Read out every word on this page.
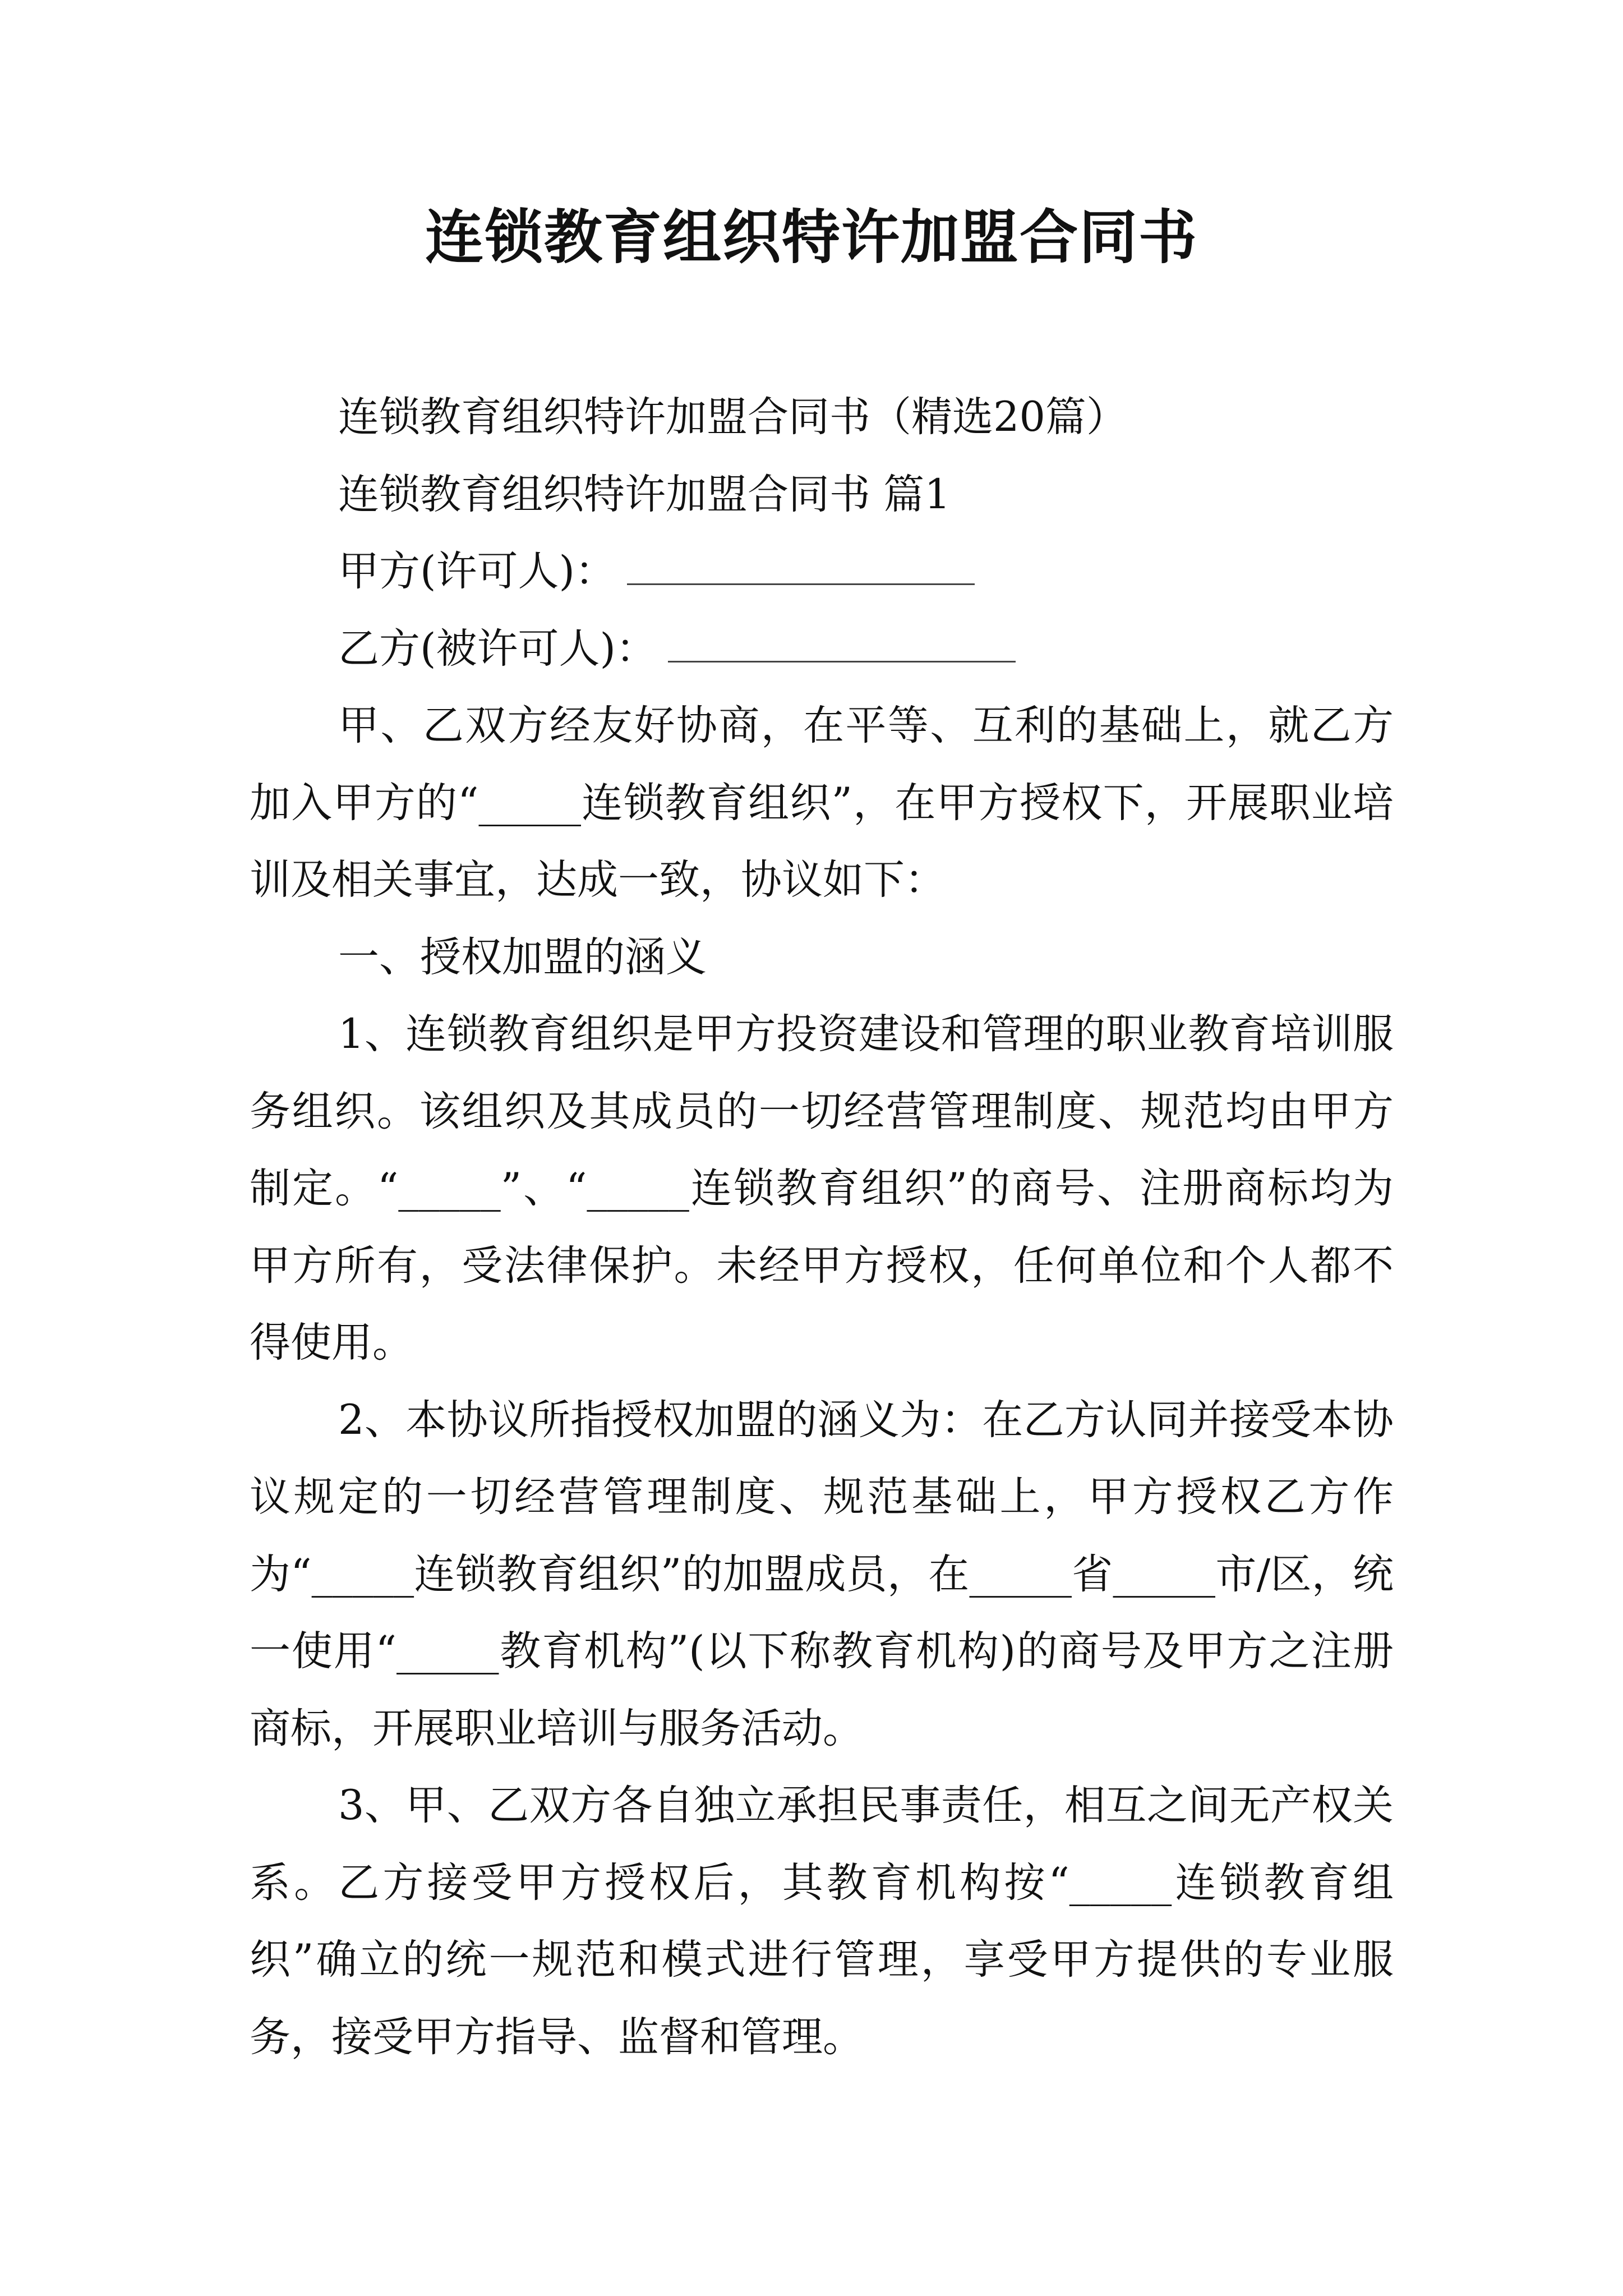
连锁教育组织特许加盟合同书

连锁教育组织特许加盟合同书（精选20篇）

连锁教育组织特许加盟合同书 篇1

甲方(许可人)：

乙方(被许可人)：

甲、乙双方经友好协商，在平等、互利的基础上，就乙方加入甲方的“_____连锁教育组织”，在甲方授权下，开展职业培训及相关事宜，达成一致，协议如下：

一、授权加盟的涵义

1、连锁教育组织是甲方投资建设和管理的职业教育培训服务组织。该组织及其成员的一切经营管理制度、规范均由甲方制定。“_____”、“_____连锁教育组织”的商号、注册商标均为甲方所有，受法律保护。未经甲方授权，任何单位和个人都不得使用。

2、本协议所指授权加盟的涵义为：在乙方认同并接受本协议规定的一切经营管理制度、规范基础上，甲方授权乙方作为“_____连锁教育组织”的加盟成员，在_____省_____市/区，统一使用“_____教育机构”(以下称教育机构)的商号及甲方之注册商标，开展职业培训与服务活动。

3、甲、乙双方各自独立承担民事责任，相互之间无产权关系。乙方接受甲方授权后，其教育机构按“_____连锁教育组织”确立的统一规范和模式进行管理，享受甲方提供的专业服务，接受甲方指导、监督和管理。
